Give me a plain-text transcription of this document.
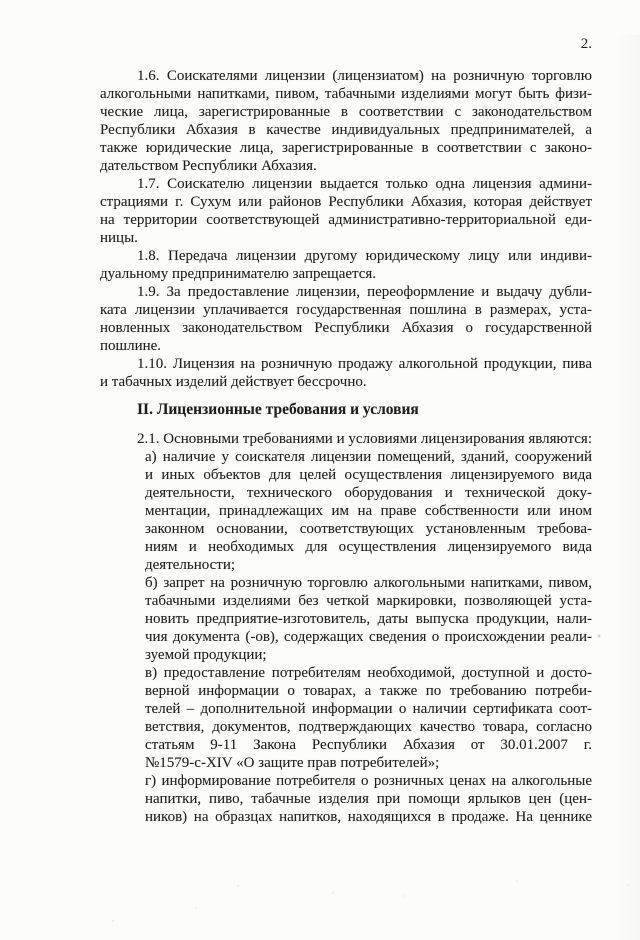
2.
1.6. Соискателями лицензии (лицензиатом) на розничную торговлю
алкогольными напитками, пивом, табачными изделиями могут быть физи-
ческие лица, зарегистрированные в соответствии с законодательством
Республики Абхазия в качестве индивидуальных предпринимателей, а
также юридические лица, зарегистрированные в соответствии с законо-
дательством Республики Абхазия.
1.7. Соискателю лицензии выдается только одна лицензия админи-
страциями г. Сухум или районов Республики Абхазия, которая действует
на территории соответствующей административно-территориальной еди-
ницы.
1.8. Передача лицензии другому юридическому лицу или индиви-
дуальному предпринимателю запрещается.
1.9. За предоставление лицензии, переоформление и выдачу дубли-
ката лицензии уплачивается государственная пошлина в размерах, уста-
новленных законодательством Республики Абхазия о государственной
пошлине.
1.10. Лицензия на розничную продажу алкогольной продукции, пива
и табачных изделий действует бессрочно.
II. Лицензионные требования и условия
2.1. Основными требованиями и условиями лицензирования являются:
а) наличие у соискателя лицензии помещений, зданий, сооружений
и иных объектов для целей осуществления лицензируемого вида
деятельности, технического оборудования и технической доку-
ментации, принадлежащих им на праве собственности или ином
законном основании, соответствующих установленным требова-
ниям и необходимых для осуществления лицензируемого вида
деятельности;
б) запрет на розничную торговлю алкогольными напитками, пивом,
табачными изделиями без четкой маркировки, позволяющей уста-
новить предприятие-изготовитель, даты выпуска продукции, нали-
чия документа (-ов), содержащих сведения о происхождении реали-
зуемой продукции;
в) предоставление потребителям необходимой, доступной и досто-
верной информации о товарах, а также по требованию потреби-
телей – дополнительной информации о наличии сертификата соот-
ветствия, документов, подтверждающих качество товара, согласно
статьям 9-11 Закона Республики Абхазия от 30.01.2007 г.
№1579-с-XIV «О защите прав потребителей»;
г) информирование потребителя о розничных ценах на алкогольные
напитки, пиво, табачные изделия при помощи ярлыков цен (цен-
ников) на образцах напитков, находящихся в продаже. На ценнике
